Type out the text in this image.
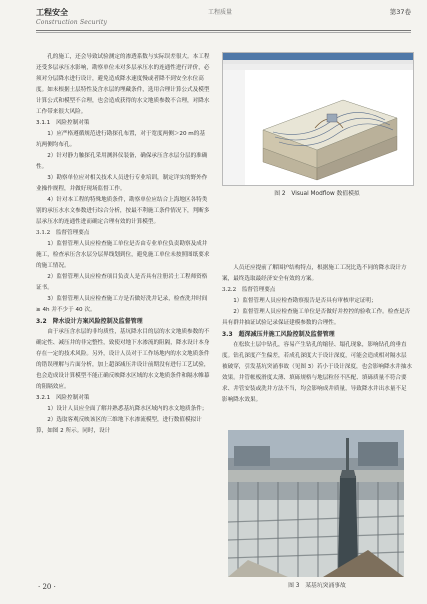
工程安全
Construction Security
工程质量	第37卷

孔的施工，还会导致试验测定的渗透系数与实际误差很大。本工程还受多层承压水影响，勘察单位未对多层承压水的连通性进行评价，必须对分层降水进行设计，避免造成降水速度慢或者降不到安全水位高度。如未根据土层特性及含水层的埋藏条件，选用合理计算公式及模型计算公式和模型不合理，也会造成获得的水文地质参数不合理，对降水工作带来很大风险。

3.1.1　风险控制对策

1）应严格遵循规范进行勘探孔布置，对于宽度两侧＞20 m的基坑两侧均布孔。

2）针对静力触探孔采用测斜仪装备，确保承压含水层分层的准确性。

3）勘察单位应对相关技术人员进行专业培训，制定详实的野外作业操作规程，并做好现场监督工作。

4）针对本工程的特殊地质条件，勘察单位应结合上海地区各特类别的承压水水文参数进行综合分析，按最不利施工条件情况下，判断多层承压水的连通性进而确定合理有效的计算模型。

3.1.2　监督管理要点

1）监督管理人员应检查施工单位是否由专业单位负责勘察及成井施工，检查承压含水层分层界线划到位，避免施工单位未按照图纸要求的施工情况。

2）监督管理人员应检查项目负责人是否具有注册岩土工程师资格证书。

3）监督管理人员应检查施工方是否做好洗井记录，检查洗井时间≥ 4h 并不少于 40 次。

3.2　降水设计方案风险控制及监督管理

由于承压含水层的非均质性，基坑降水目的层的水文地质参数的不确定性、减压井的非完整性，致使对地下水渗流的阻隔，降水设计本身存在一定的技术风险。另外，设计人员对于工作场地内的水文地质条件的错误理解与片面分析，加上超深减压井设计前期没有进行工艺试验，也会造成设计算模型不能正确反映降水区域的水文地质条件和隔水帷幕的阻隔效应。

3.2.1　风险控制对策

1）设计人员应全面了解并熟悉基坑降水区域内的水文地质条件；

2）选取客观反映该区的三维地下水渗流模型，进行数值模拟计算，如图 2 所示。同时，设计

图 2　Visual Modflow 数值模拟

人员还应提前了解围护结构特点，根据施工工况比选不同的降水设计方案，最终选取最经济安全有效的方案。

3.2.2　监督管理要点

1）监督管理人员应检查勘察报告是否具有审核审定证明；

2）监督管理人员应检查施工单位是否做好并控控的验收工作。检查是否具有群井抽证试验记录保证建模参数的合理性。

3.3　超深减压井施工风险控制及监督管理

在松软土层中钻孔，容易产生钻孔的缩径、塌孔现象，影响钻孔的垂直度。钻孔深度产生偏差，若成孔深度大于设计深度，可能会造成相对隔水层被破穿，引发基坑突涌事故（见图 3）若小于设计深度，也会影响降水井抽水效果。井管帐板滑度太薄、填砾规格与地层粒径不匹配、填砾质量不符合要求、井管安装或洗井方法不当，均会影响成井质量，导致降水井出水量不足影响降水效果。

图 3　某基坑突涌事故
· 20 ·
